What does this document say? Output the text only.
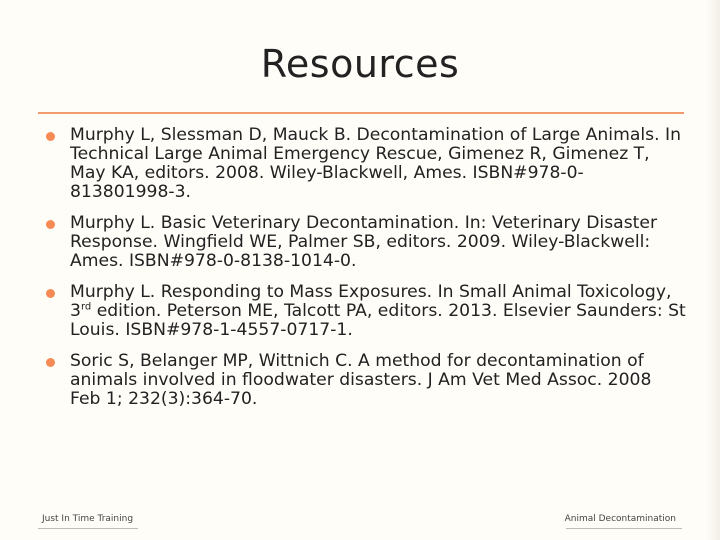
Resources
Murphy L, Slessman D, Mauck B. Decontamination of Large Animals. In Technical Large Animal Emergency Rescue, Gimenez R, Gimenez T, May KA, editors. 2008. Wiley-Blackwell, Ames. ISBN#978-0-813801998-3.
Murphy L. Basic Veterinary Decontamination. In: Veterinary Disaster Response. Wingfield WE, Palmer SB, editors. 2009. Wiley-Blackwell: Ames. ISBN#978-0-8138-1014-0.
Murphy L. Responding to Mass Exposures. In Small Animal Toxicology, 3rd edition. Peterson ME, Talcott PA, editors. 2013. Elsevier Saunders: St Louis. ISBN#978-1-4557-0717-1.
Soric S, Belanger MP, Wittnich C. A method for decontamination of animals involved in floodwater disasters. J Am Vet Med Assoc. 2008 Feb 1; 232(3):364-70.
Just In Time Training	Animal Decontamination
